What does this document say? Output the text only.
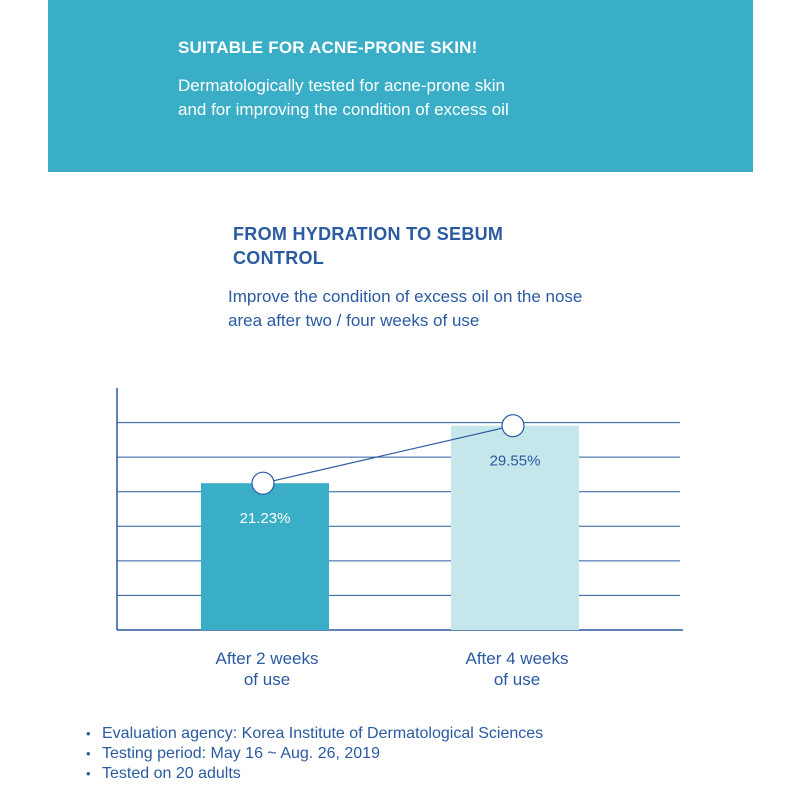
SUITABLE FOR ACNE-PRONE SKIN!
Dermatologically tested for acne-prone skin and for improving the condition of excess oil
FROM HYDRATION TO SEBUM CONTROL
Improve the condition of excess oil on the nose area after two / four weeks of use
21.23%
29.55%
After 2 weeks of use
After 4 weeks of use
• Evaluation agency: Korea Institute of Dermatological Sciences
• Testing period: May 16 ~ Aug. 26, 2019
• Tested on 20 adults
